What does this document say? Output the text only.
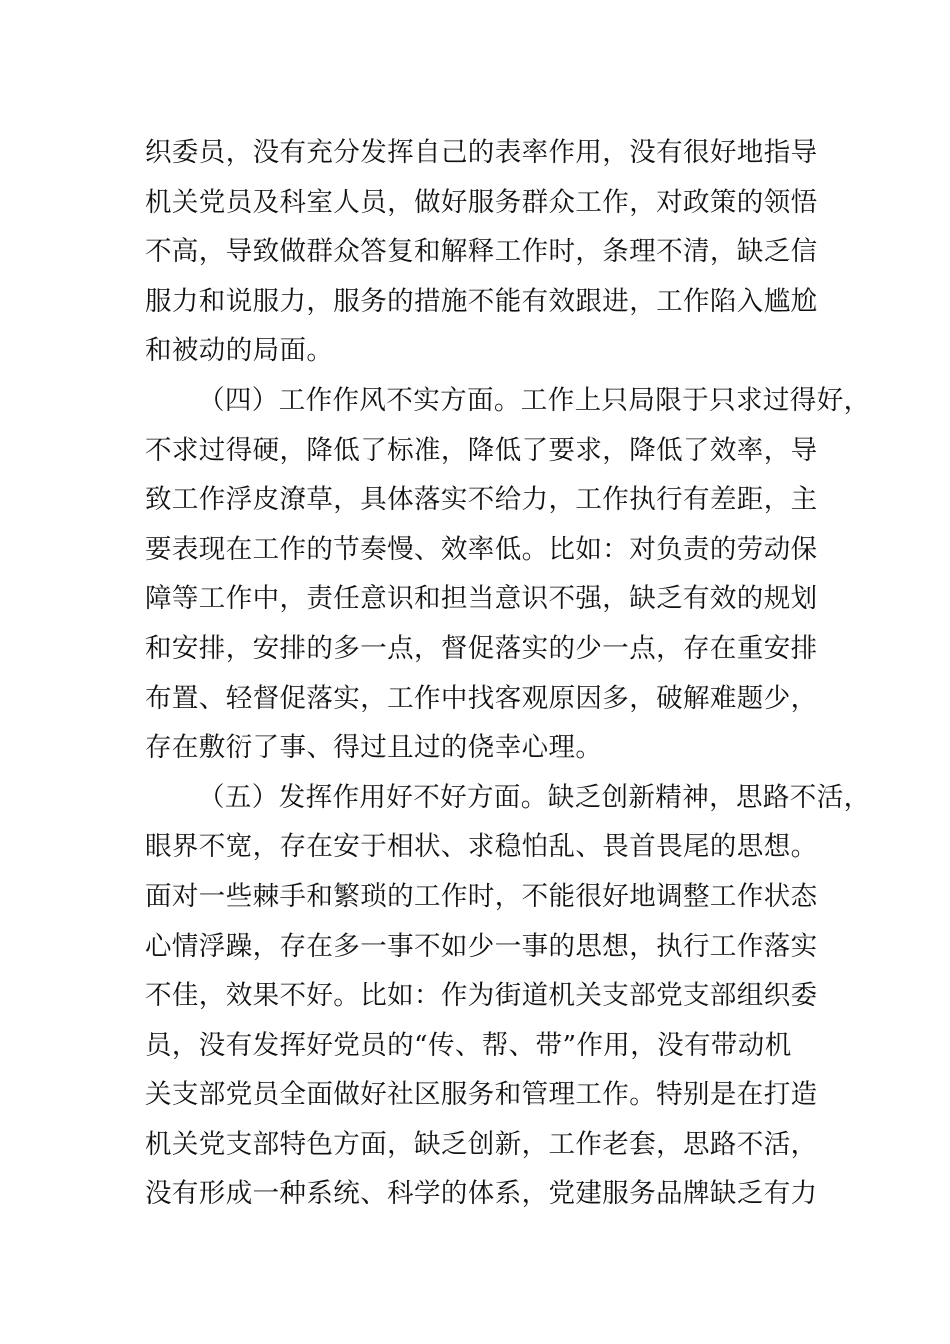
织委员，没有充分发挥自己的表率作用，没有很好地指导
机关党员及科室人员，做好服务群众工作，对政策的领悟
不高，导致做群众答复和解释工作时，条理不清，缺乏信
服力和说服力，服务的措施不能有效跟进，工作陷入尴尬
和被动的局面。
（四）工作作风不实方面。工作上只局限于只求过得好，
不求过得硬，降低了标准，降低了要求，降低了效率，导
致工作浮皮潦草，具体落实不给力，工作执行有差距，主
要表现在工作的节奏慢、效率低。比如：对负责的劳动保
障等工作中，责任意识和担当意识不强，缺乏有效的规划
和安排，安排的多一点，督促落实的少一点，存在重安排
布置、轻督促落实，工作中找客观原因多，破解难题少，
存在敷衍了事、得过且过的侥幸心理。
（五）发挥作用好不好方面。缺乏创新精神，思路不活，
眼界不宽，存在安于相状、求稳怕乱、畏首畏尾的思想。
面对一些棘手和繁琐的工作时，不能很好地调整工作状态
心情浮躁，存在多一事不如少一事的思想，执行工作落实
不佳，效果不好。比如：作为街道机关支部党支部组织委
员，没有发挥好党员的“传、帮、带”作用，没有带动机
关支部党员全面做好社区服务和管理工作。特别是在打造
机关党支部特色方面，缺乏创新，工作老套，思路不活，
没有形成一种系统、科学的体系，党建服务品牌缺乏有力
